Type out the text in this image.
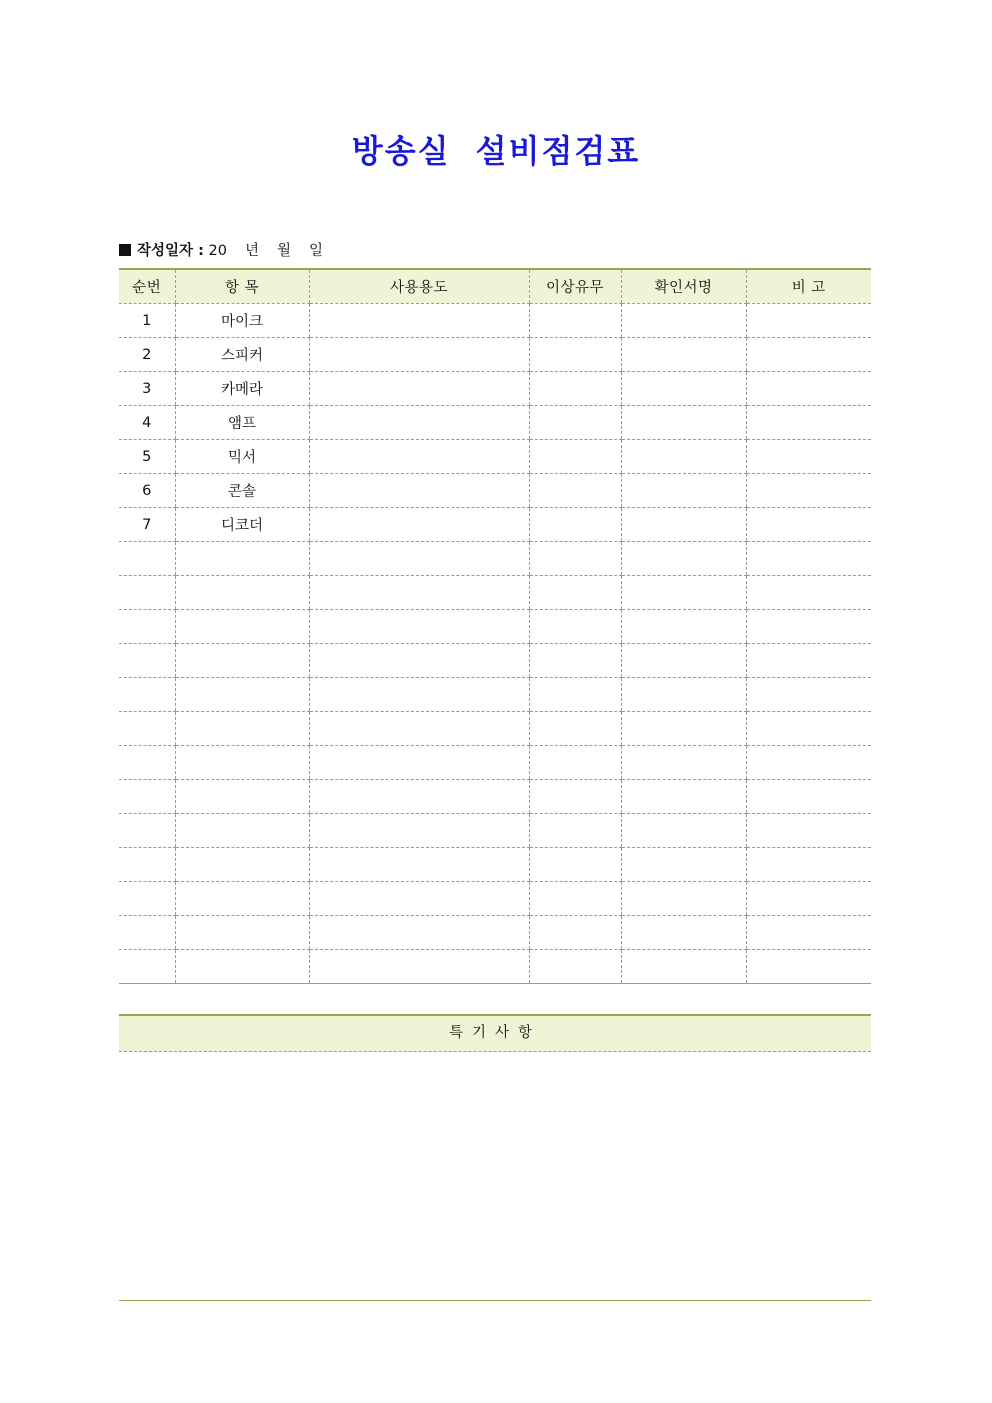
방송실 설비점검표
작성일자 : 20 년 월 일
순번	항 목	사용용도	이상유무	확인서명	비 고
1	마이크				
2	스피커				
3	카메라				
4	앰프				
5	믹서				
6	콘솔				
7	디코더				

특기사항
